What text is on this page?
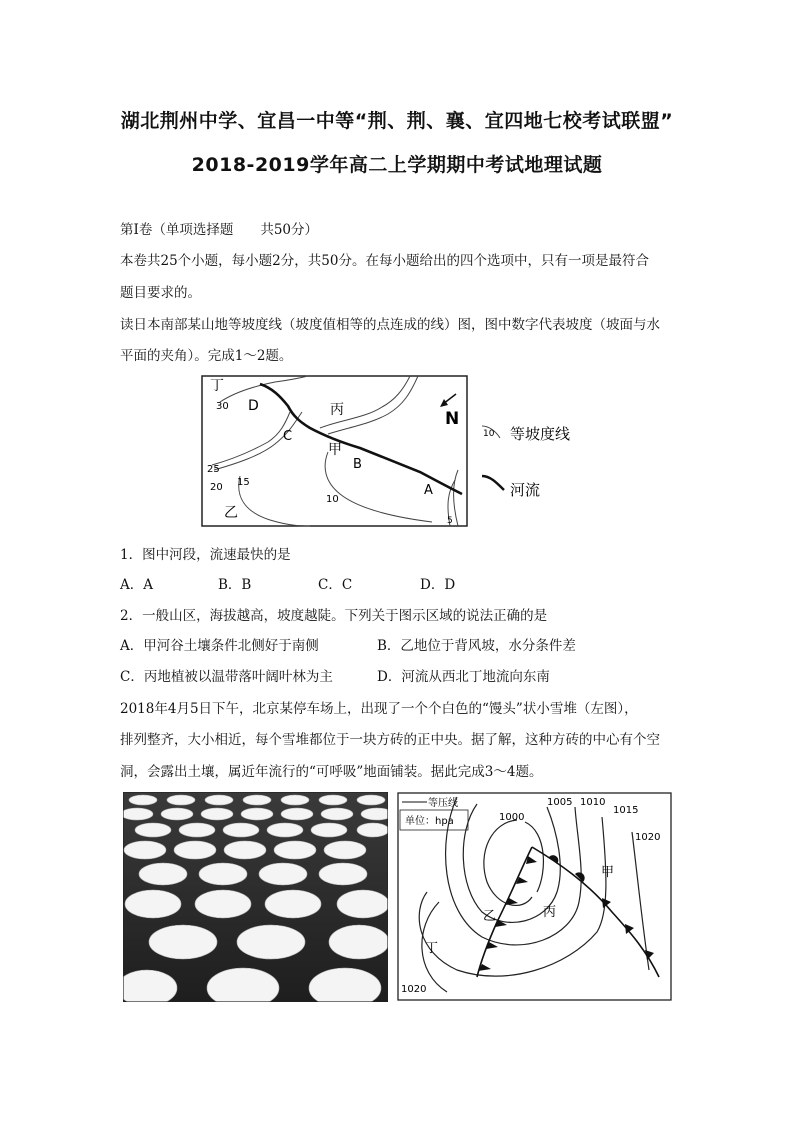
湖北荆州中学、宜昌一中等“荆、荆、襄、宜四地七校考试联盟”
2018-2019学年高二上学期期中考试地理试题
第Ⅰ卷（单项选择题　　共50分）
本卷共25个小题，每小题2分，共50分。在每小题给出的四个选项中，只有一项是最符合
题目要求的。
读日本南部某山地等坡度线（坡度值相等的点连成的线）图，图中数字代表坡度（坡面与水
平面的夹角）。完成1～2题。
丁
30 D	丙	N
C
甲
B
25
15
20	A
10
乙	5
10 等坡度线
河流
1．图中河段，流速最快的是
A．A	B．B	C．C	D．D
2．一般山区，海拔越高，坡度越陡。下列关于图示区域的说法正确的是
A．甲河谷土壤条件北侧好于南侧	B．乙地位于背风坡，水分条件差
C．丙地植被以温带落叶阔叶林为主	D．河流从西北丁地流向东南
2018年4月5日下午，北京某停车场上，出现了一个个白色的“馒头”状小雪堆（左图），
排列整齐，大小相近，每个雪堆都位于一块方砖的正中央。据了解，这种方砖的中心有个空
洞，会露出土壤，属近年流行的“可呼吸”地面铺装。据此完成3～4题。
等压线
单位：hpa	1000
1005 1010
1015
1020
1020
甲
乙	丙
丁
